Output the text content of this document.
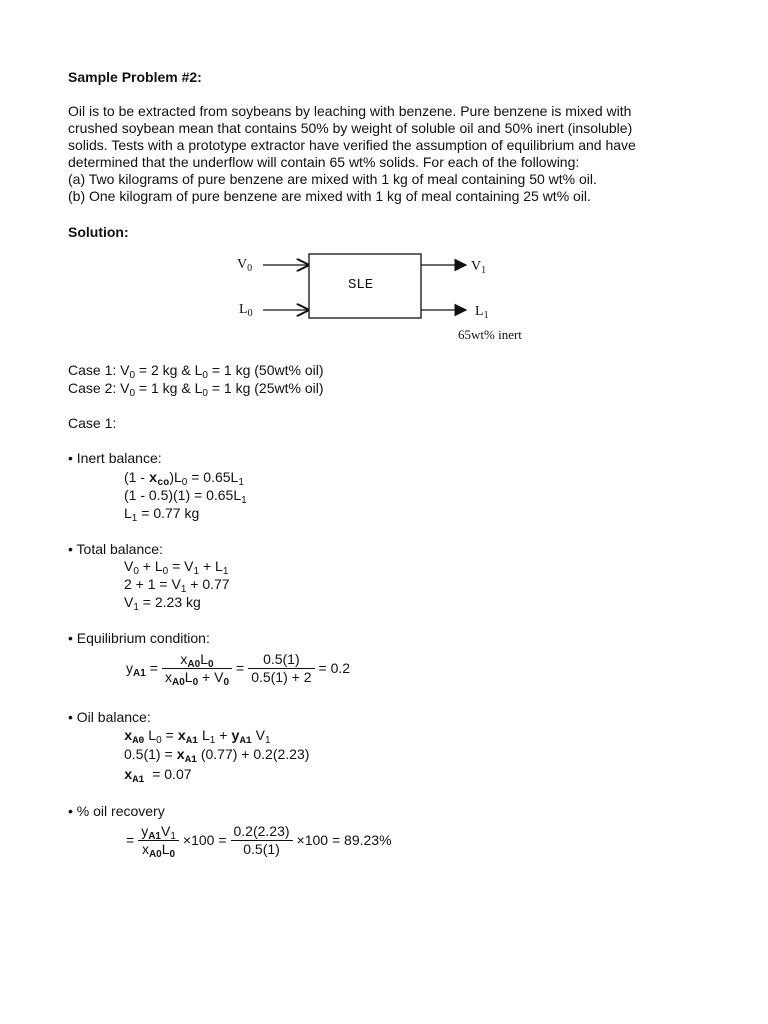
Sample Problem #2:
Oil is to be extracted from soybeans by leaching with benzene. Pure benzene is mixed with
crushed soybean mean that contains 50% by weight of soluble oil and 50% inert (insoluble)
solids. Tests with a prototype extractor have verified the assumption of equilibrium and have
determined that the underflow will contain 65 wt% solids. For each of the following:
(a) Two kilograms of pure benzene are mixed with 1 kg of meal containing 50 wt% oil.
(b) One kilogram of pure benzene are mixed with 1 kg of meal containing 25 wt% oil.
Solution:
$V_0$
$L_0$
SLE
$V_1$
$L_1$
65wt% inert
Case 1: $V_0 = 2$ kg & $L_0 = 1$ kg (50wt% oil)
Case 2: $V_0 = 1$ kg & $L_0 = 1$ kg (25wt% oil)
Case 1:
• Inert balance:
$(1 - x_{co})L_0 = 0.65L_1$
$(1 - 0.5)(1) = 0.65L_1$
$L_1 = 0.77$ kg
• Total balance:
$V_0 + L_0 = V_1 + L_1$
$2 + 1 = V_1 + 0.77$
$V_1 = 2.23$ kg
• Equilibrium condition:
$y_{A1} = \frac{x_{A0}L_0}{x_{A0}L_0 + V_0} = \frac{0.5(1)}{0.5(1) + 2} = 0.2$
• Oil balance:
$x_{A0}$ $L_0 = x_{A1}$ $L_1 + y_{A1}$ $V_1$
$0.5(1) = x_{A1}$ (0.77) + 0.2(2.23)
$x_{A1} = 0.07$
• % oil recovery
= $\frac{y_{A1}V_1}{x_{A0}L_0} \times 100 = \frac{0.2(2.23)}{0.5(1)} \times 100 = 89.23\%$
